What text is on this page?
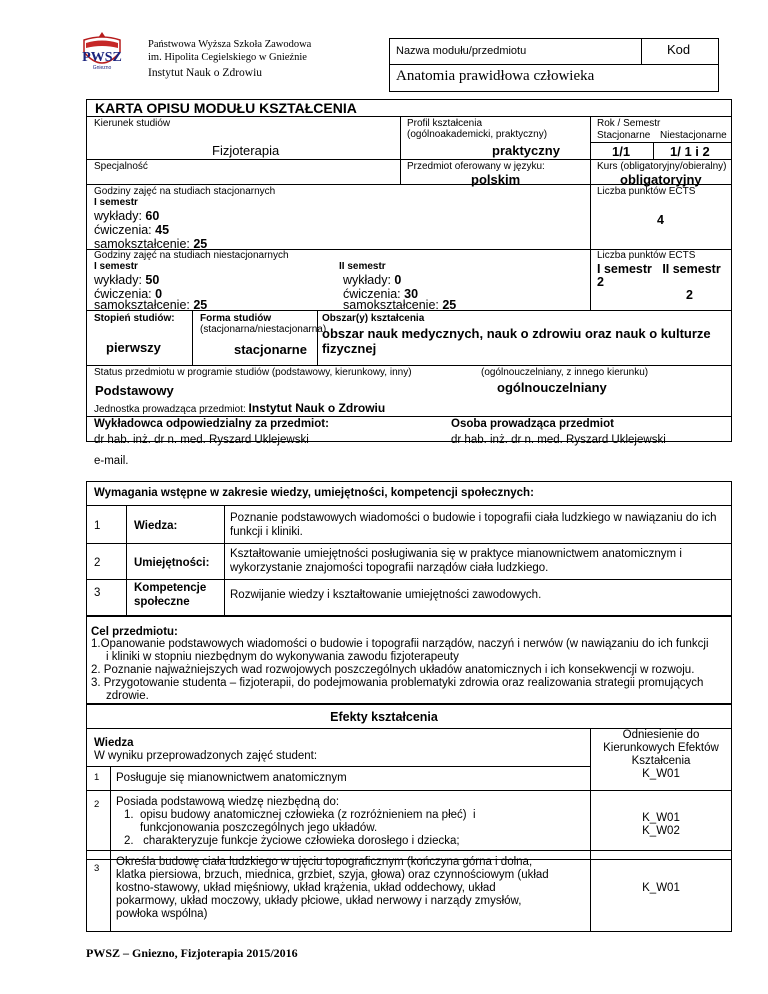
PWSZ
Gniezno
Państwowa Wyższa Szkoła Zawodowa
im. Hipolita Cegielskiego w Gnieźnie
Instytut Nauk o Zdrowiu
Nazwa modułu/przedmiotu	Kod
Anatomia prawidłowa człowieka
KARTA OPISU MODUŁU KSZTAŁCENIA
Kierunek studiów
Fizjoterapia
Profil kształcenia
(ogólnoakademicki, praktyczny)
praktyczny
Rok / Semestr
Stacjonarne Niestacjonarne
1/1	1/ 1 i 2
Specjalność	Przedmiot oferowany w języku:
polskim
Kurs (obligatoryjny/obieralny)
obligatoryjny
Godziny zajęć na studiach stacjonarnych
I semestr
wykłady: 60
ćwiczenia: 45
samokształcenie: 25
Liczba punktów ECTS
4
Godziny zajęć na studiach niestacjonarnych
I semestr	II semestr
wykłady: 50
ćwiczenia: 0
samokształcenie: 25
wykłady: 0
ćwiczenia: 30
samokształcenie: 25
Liczba punktów ECTS
I semestr   II semestr
2
2
Stopień studiów:
pierwszy
Forma studiów
(stacjonarna/niestacjonarna)
stacjonarne
Obszar(y) kształcenia
obszar nauk medycznych, nauk o zdrowiu oraz nauk o kulturze
fizycznej
Status przedmiotu w programie studiów (podstawowy, kierunkowy, inny)
Podstawowy
(ogólnouczelniany, z innego kierunku)
ogólnouczelniany
Jednostka prowadząca przedmiot: Instytut Nauk o Zdrowiu
Wykładowca odpowiedzialny za przedmiot:	Osoba prowadząca przedmiot
dr hab. inż. dr n. med. Ryszard Uklejewski	dr hab. inż. dr n. med. Ryszard Uklejewski
e-mail.
Wymagania wstępne w zakresie wiedzy, umiejętności, kompetencji społecznych:
1	Wiedza:
Poznanie podstawowych wiadomości o budowie i topografii ciała ludzkiego w nawiązaniu do ich
funkcji i kliniki.
2	Umiejętności:
Kształtowanie umiejętności posługiwania się w praktyce mianownictwem anatomicznym i
wykorzystanie znajomości topografii narządów ciała ludzkiego.
3	Kompetencje
społeczne
Rozwijanie wiedzy i kształtowanie umiejętności zawodowych.
Cel przedmiotu:
1.Opanowanie podstawowych wiadomości o budowie i topografii narządów, naczyń i nerwów (w nawiązaniu do ich funkcji
i kliniki w stopniu niezbędnym do wykonywania zawodu fizjoterapeuty
2. Poznanie najważniejszych wad rozwojowych poszczególnych układów anatomicznych i ich konsekwencji w rozwoju.
3. Przygotowanie studenta – fizjoterapii, do podejmowania problematyki zdrowia oraz realizowania strategii promujących
zdrowie.
Efekty kształcenia
Wiedza
W wyniku przeprowadzonych zajęć student:
Odniesienie do
Kierunkowych Efektów
Kształcenia
1 Posługuje się mianownictwem anatomicznym	K_W01
2 Posiada podstawową wiedzę niezbędną do:
1.  opisu budowy anatomicznej człowieka (z rozróżnieniem na płeć)  i
funkcjonowania poszczególnych jego układów.
2.   charakteryzuje funkcje życiowe człowieka dorosłego i dziecka;
K_W01
K_W02
3
Określa budowę ciała ludzkiego w ujęciu topograficznym (kończyna górna i dolna,
klatka piersiowa, brzuch, miednica, grzbiet, szyja, głowa) oraz czynnościowym (układ
kostno-stawowy, układ mięśniowy, układ krążenia, układ oddechowy, układ
pokarmowy, układ moczowy, układy płciowe, układ nerwowy i narządy zmysłów,
powłoka wspólna)
K_W01
PWSZ – Gniezno, Fizjoterapia 2015/2016
